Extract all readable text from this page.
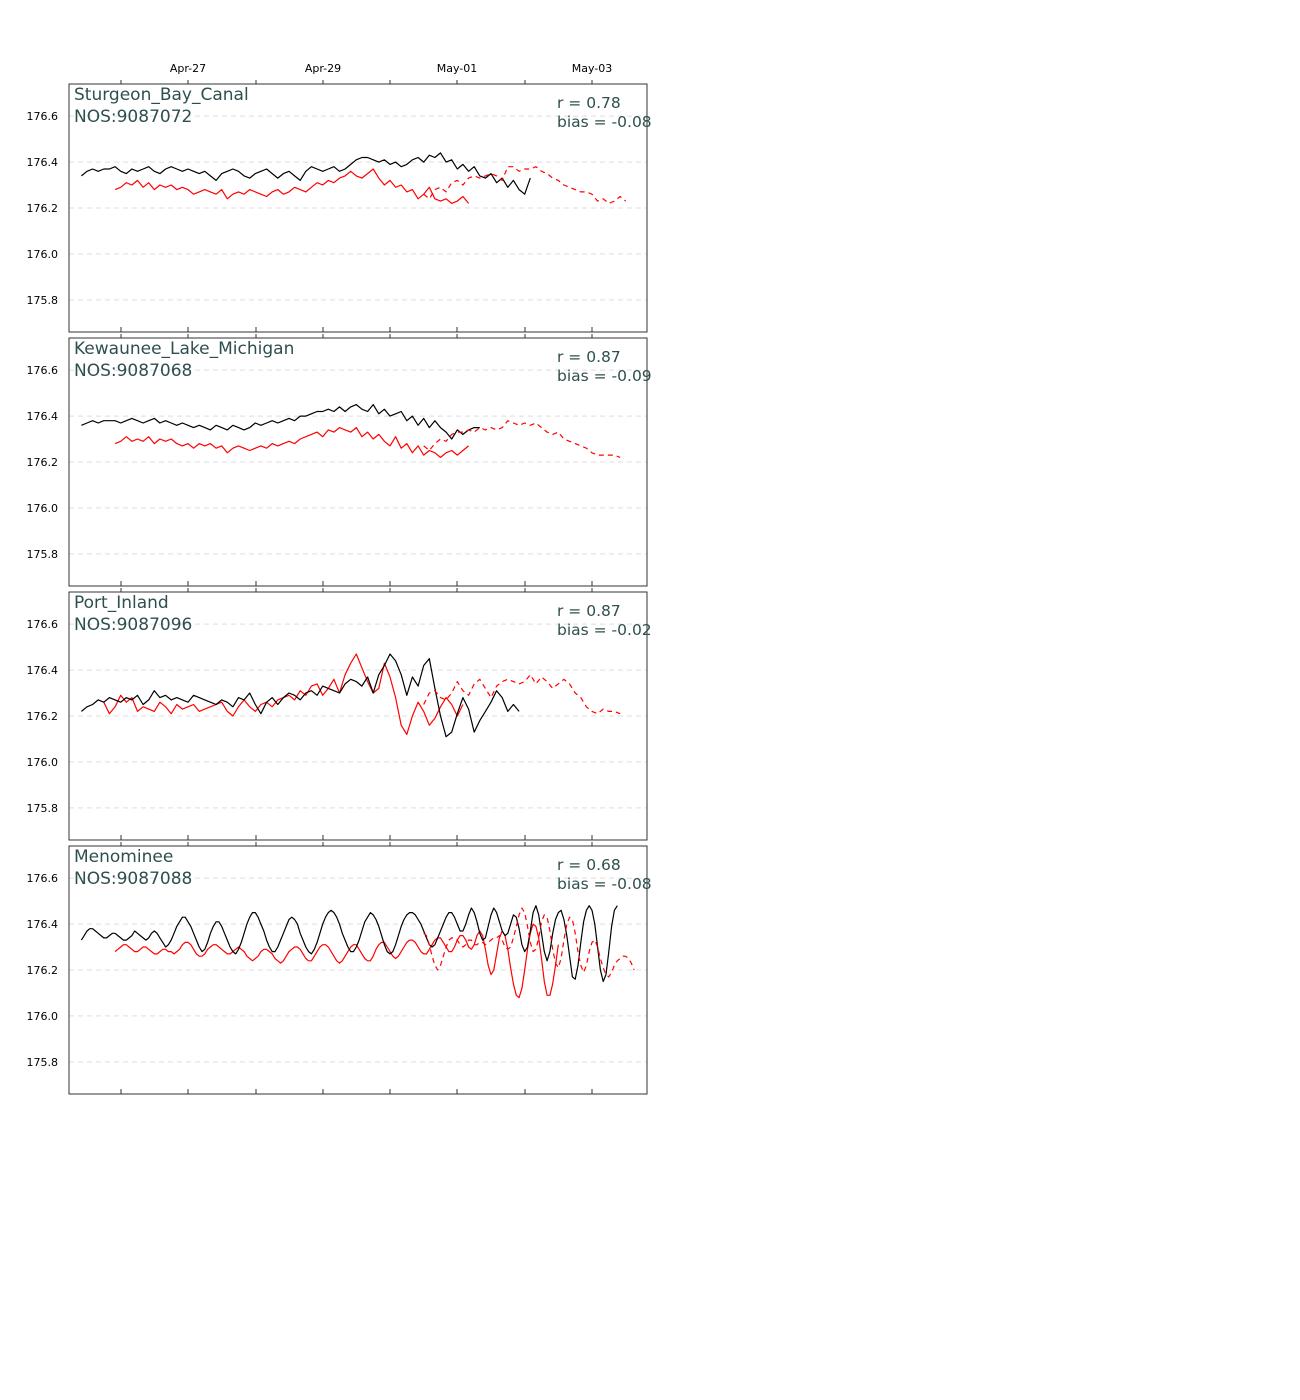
Apr-27	Apr-29	May-01	May-03
175.8
176.0
176.2
176.4
176.6
Sturgeon_Bay_Canal
NOS:9087072
r = 0.78
bias = -0.08
175.8
176.0
176.2
176.4
176.6
Kewaunee_Lake_Michigan
NOS:9087068
r = 0.87
bias = -0.09
175.8
176.0
176.2
176.4
176.6
Port_Inland
NOS:9087096
r = 0.87
bias = -0.02
175.8
176.0
176.2
176.4
176.6
Menominee
NOS:9087088
r = 0.68
bias = -0.08
